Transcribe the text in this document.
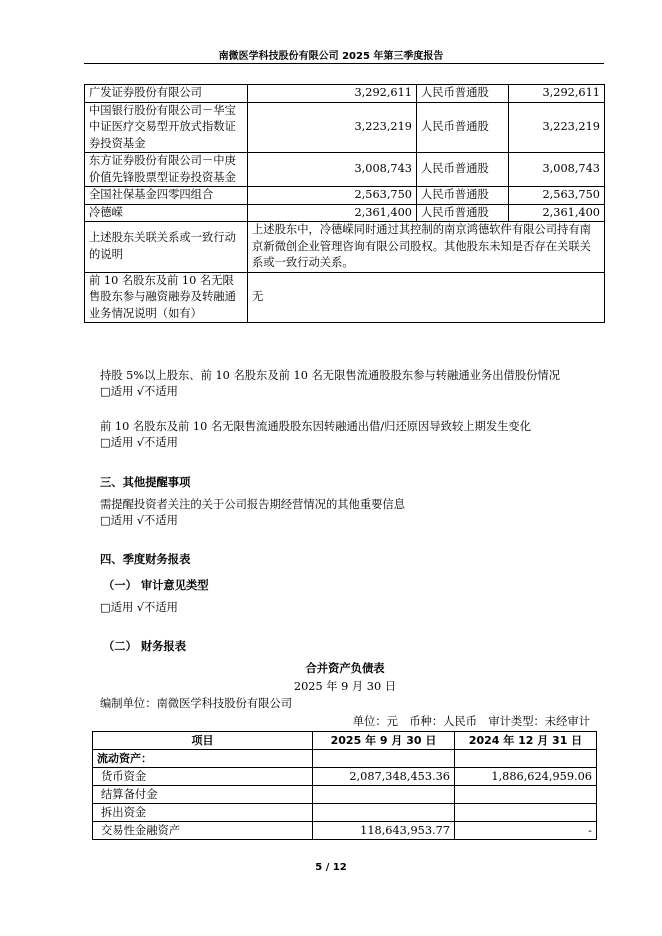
南微医学科技股份有限公司 2025 年第三季度报告
广发证券股份有限公司	3,292,611	人民币普通股	3,292,611
中国银行股份有限公司－华宝中证医疗交易型开放式指数证券投资基金	3,223,219	人民币普通股	3,223,219
东方证券股份有限公司－中庚价值先锋股票型证券投资基金	3,008,743	人民币普通股	3,008,743
全国社保基金四零四组合	2,563,750	人民币普通股	2,563,750
冷德嵘	2,361,400	人民币普通股	2,361,400
上述股东关联关系或一致行动的说明	上述股东中，冷德嵘同时通过其控制的南京鸿德软件有限公司持有南京新微创企业管理咨询有限公司股权。其他股东未知是否存在关联关系或一致行动关系。		
前 10 名股东及前 10 名无限售股东参与融资融券及转融通业务情况说明（如有）	无		
持股 5%以上股东、前 10 名股东及前 10 名无限售流通股股东参与转融通业务出借股份情况
□适用 √不适用
前 10 名股东及前 10 名无限售流通股股东因转融通出借/归还原因导致较上期发生变化
□适用 √不适用
三、其他提醒事项
需提醒投资者关注的关于公司报告期经营情况的其他重要信息
□适用 √不适用
四、季度财务报表
（一） 审计意见类型
□适用 √不适用
（二） 财务报表
合并资产负债表
2025 年 9 月 30 日
编制单位：南微医学科技股份有限公司
单位：元　币种：人民币　审计类型：未经审计
项目	2025 年 9 月 30 日	2024 年 12 月 31 日
流动资产：		
货币资金	2,087,348,453.36	1,886,624,959.06
结算备付金		
拆出资金		
交易性金融资产	118,643,953.77	-
5 / 12
